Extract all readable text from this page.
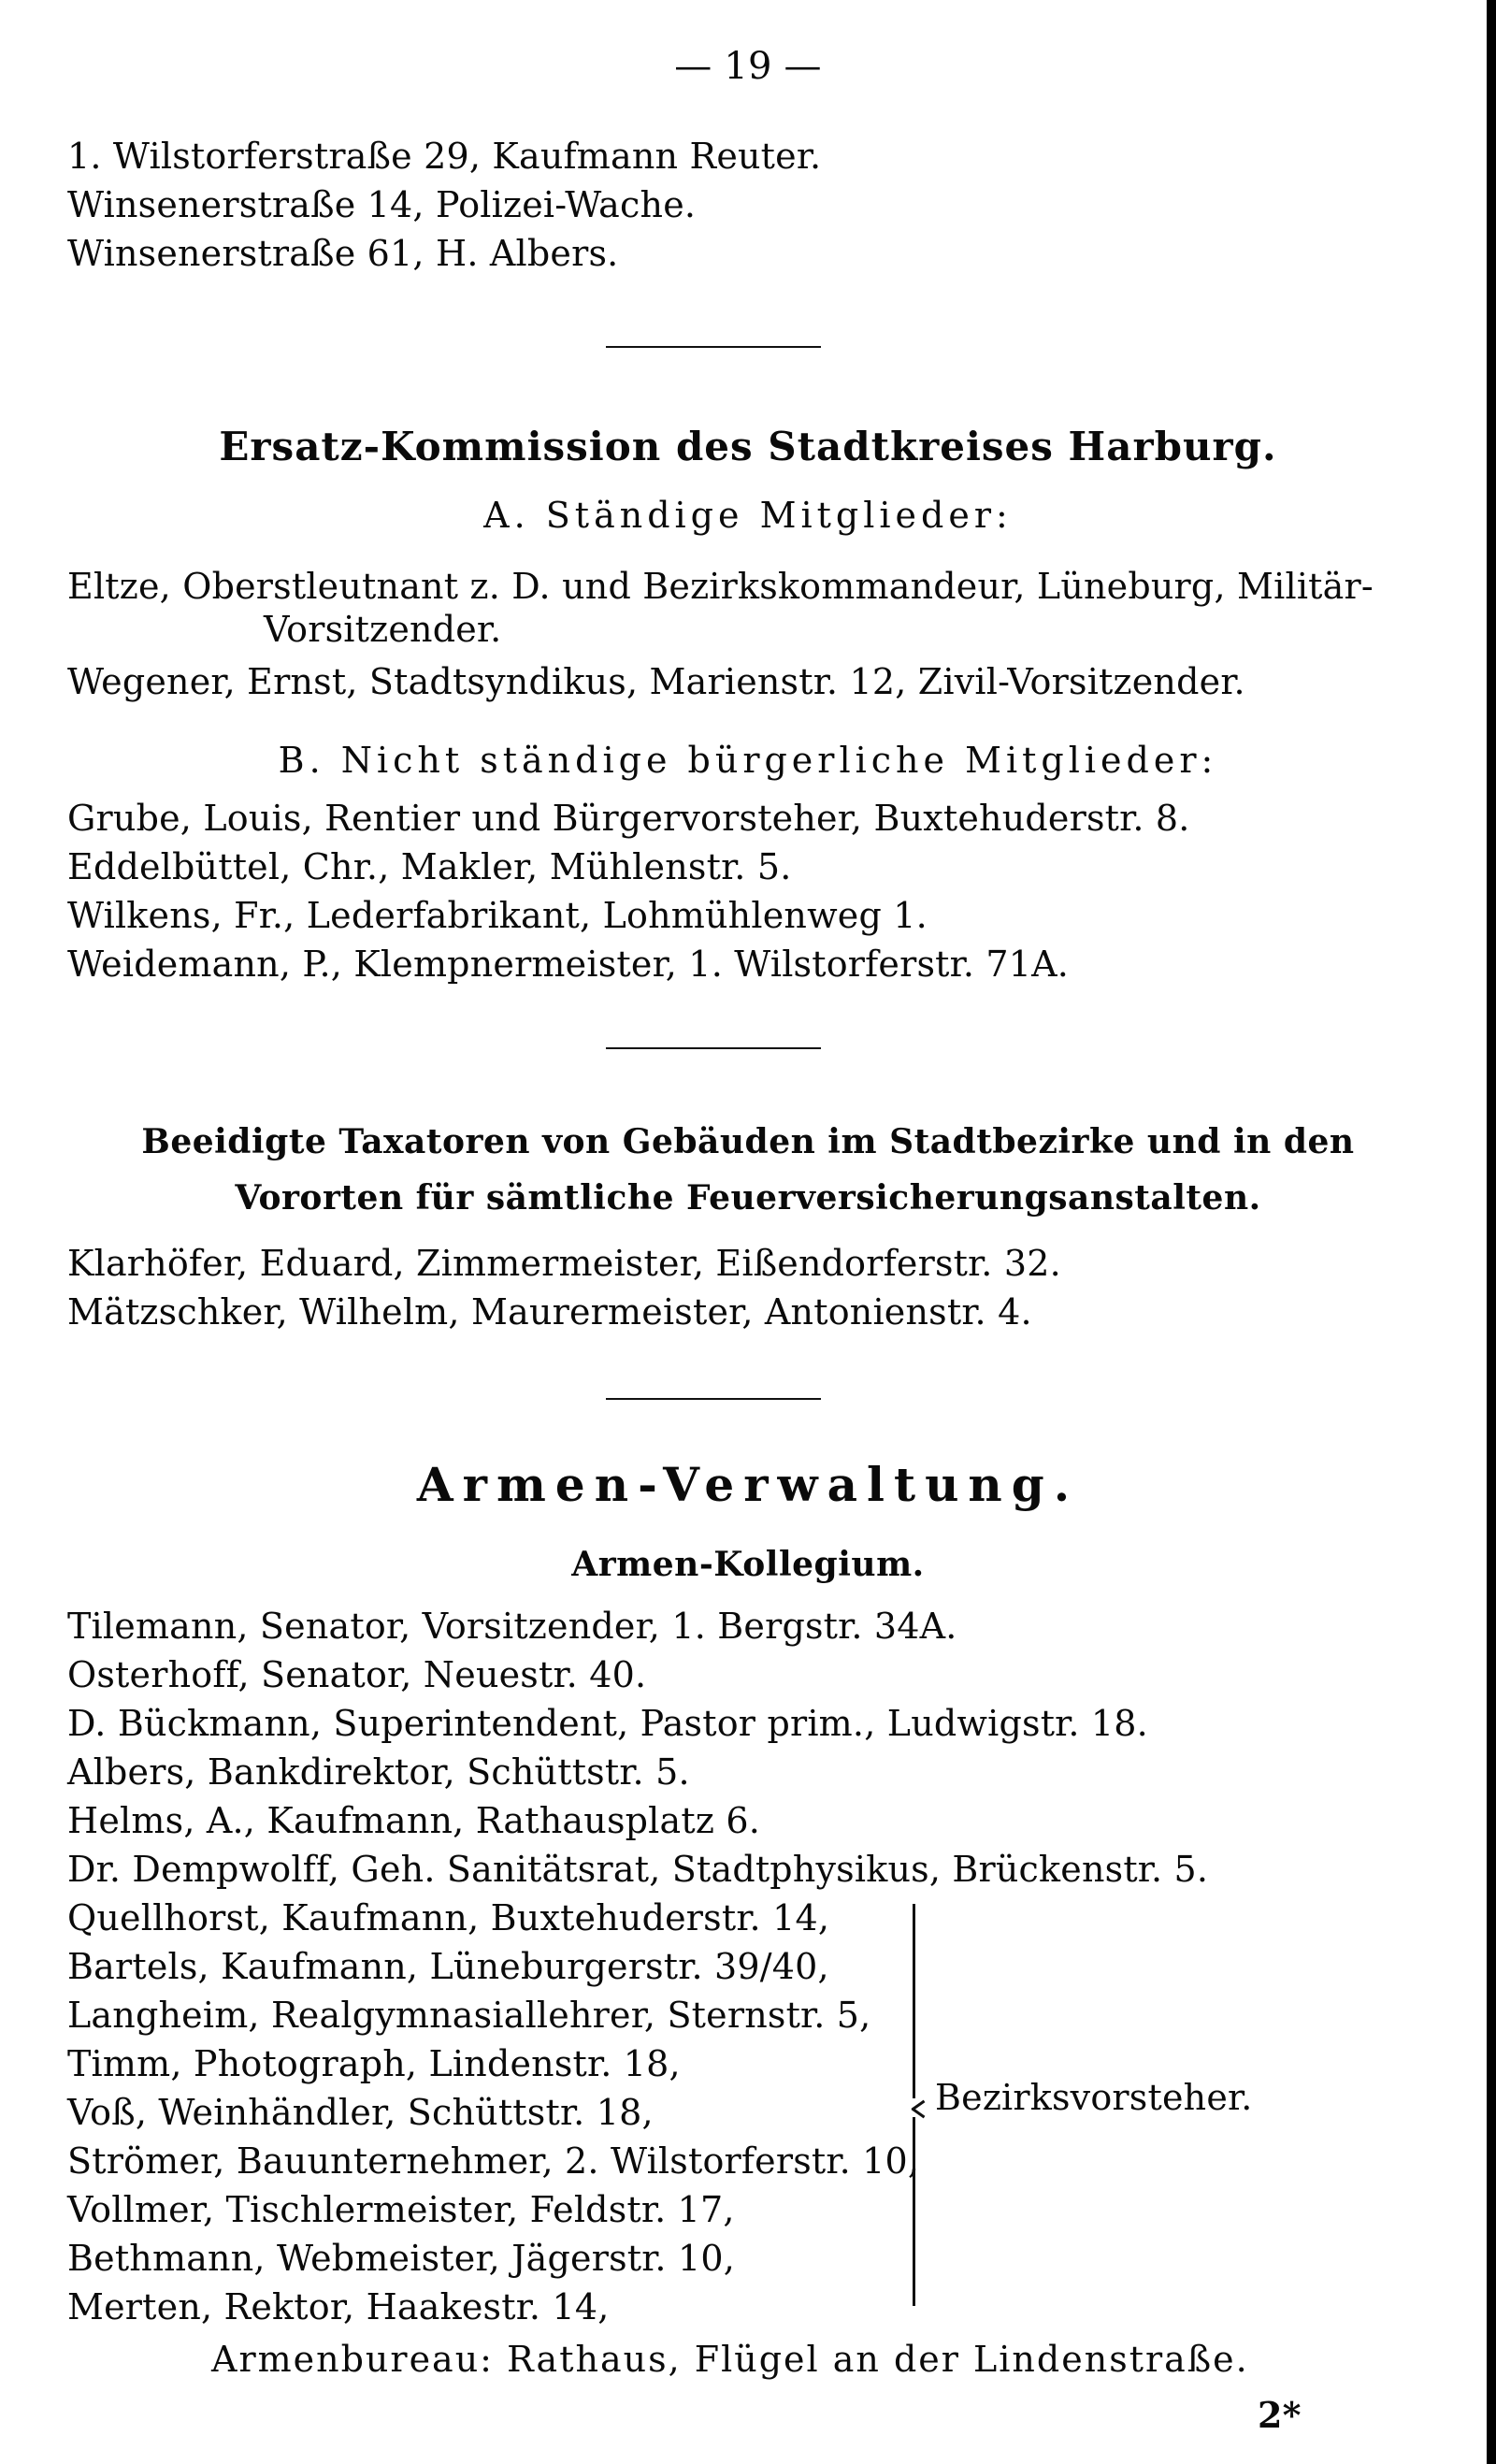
— 19 —
1. Wilstorferstraße 29, Kaufmann Reuter.
Winsenerstraße 14, Polizei-Wache.
Winsenerstraße 61, H. Albers.
Ersatz-Kommission des Stadtkreises Harburg.
A. Ständige Mitglieder:
Eltze, Oberstleutnant z. D. und Bezirkskommandeur, Lüneburg, Militär-
Vorsitzender.
Wegener, Ernst, Stadtsyndikus, Marienstr. 12, Zivil-Vorsitzender.
B. Nicht ständige bürgerliche Mitglieder:
Grube, Louis, Rentier und Bürgervorsteher, Buxtehuderstr. 8.
Eddelbüttel, Chr., Makler, Mühlenstr. 5.
Wilkens, Fr., Lederfabrikant, Lohmühlenweg 1.
Weidemann, P., Klempnermeister, 1. Wilstorferstr. 71A.
Beeidigte Taxatoren von Gebäuden im Stadtbezirke und in den
Vororten für sämtliche Feuerversicherungsanstalten.
Klarhöfer, Eduard, Zimmermeister, Eißendorferstr. 32.
Mätzschker, Wilhelm, Maurermeister, Antonienstr. 4.
Armen-Verwaltung.
Armen-Kollegium.
Tilemann, Senator, Vorsitzender, 1. Bergstr. 34A.
Osterhoff, Senator, Neuestr. 40.
D. Bückmann, Superintendent, Pastor prim., Ludwigstr. 18.
Albers, Bankdirektor, Schüttstr. 5.
Helms, A., Kaufmann, Rathausplatz 6.
Dr. Dempwolff, Geh. Sanitätsrat, Stadtphysikus, Brückenstr. 5.
Quellhorst, Kaufmann, Buxtehuderstr. 14,
Bartels, Kaufmann, Lüneburgerstr. 39/40,
Langheim, Realgymnasiallehrer, Sternstr. 5,
Timm, Photograph, Lindenstr. 18,
Voß, Weinhändler, Schüttstr. 18,
Strömer, Bauunternehmer, 2. Wilstorferstr. 10,
Vollmer, Tischlermeister, Feldstr. 17,
Bethmann, Webmeister, Jägerstr. 10,
Merten, Rektor, Haakestr. 14,
Bezirksvorsteher.
Armenbureau: Rathaus, Flügel an der Lindenstraße.
2*
